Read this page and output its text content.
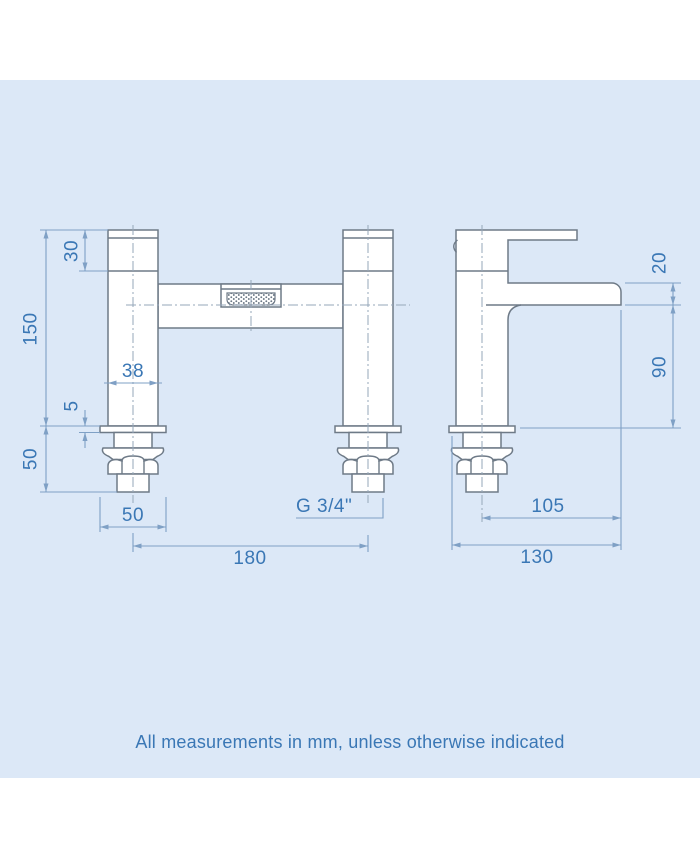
30
150
5
50
38
50
180
G 3/4"
20
90
105
130
All measurements in mm, unless otherwise indicated
